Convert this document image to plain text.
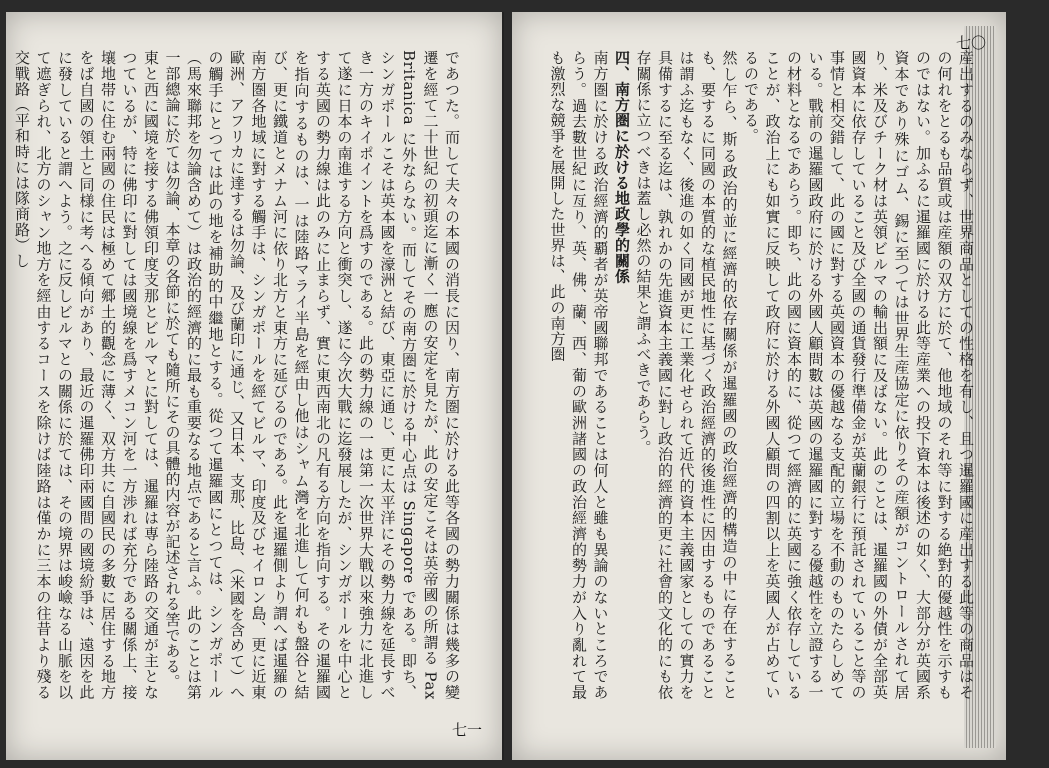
であつた。而して夫々の本國の消長に因り、南方圏に於ける此等各國の勢力關係は幾多の變遷を經て二十世紀の初頭迄に漸く一應の安定を見たが、此の安定こそは英帝國の所謂る Pax Britanica に外ならない。而してその南方圏に於ける中心点は Singapore である。即ち、シンガポールこそは英本國を濠洲と結び、東亞に通じ、更に太平洋にその勢力線を延長すべき一方のキイポイントを爲すのである。此の勢力線の一は第一次世界大戰以來強力に北進して遂に日本の南進する方向と衝突し、遂に今次大戰に迄發展したが、シンガポールを中心とする英國の勢力線は此のみに止まらず、實に東西南北の凡有る方向を指向する。その暹羅國を指向するものは、一は陸路マライ半島を經由し他はシャム灣を北進して何れも盤谷と結び、更に鐵道とメナム河に依り北方と東方に延びるのである。此を暹羅側より謂へば暹羅の南方圏各地域に對する觸手は、シンガポールを經てビルマ、印度及びセイロン島、更に近東歐洲、アフリカに達するは勿論、及び蘭印に通じ、又日本、支那、比島、（米國を含めて）への觸手にとつては此の地を補助的中繼地とする。從つて暹羅國にとつては、シンガポール（馬來聯邦を勿論含めて）は政治的經濟的に最も重要なる地点であると言ふ。此のことは第一部總論に於ては勿論、本章の各節に於ても隨所にその具體的内容が記述される筈である。

東と西に國境を接する佛領印度支那とビルマとに對しては、暹羅は専ら陸路の交通が主となつているが、特に佛印に對しては國境線を爲すメコン河を一方渉れば充分である關係上、接壤地帯に住む兩國の住民は極めて郷土的觀念に薄く、双方共に自國民の多數に居住する地方をば自國の領土と同様に考へる傾向があり、最近の暹羅佛印兩國間の國境紛爭は、遠因を此に發していると謂へよう。之に反しビルマとの關係に於ては、その境界は峻嶮なる山脈を以て遮ぎられ、北方のシャン地方を經由するコースを除けば陸路は僅かに三本の往昔より殘る交戰路（平和時には隊商路）し

七一

産出するのみならず、世界商品としての性格を有し、且つ暹羅國に産出する此等の商品はその何れをとるも品質或は産額の双方に於て、他地域のそれ等に對する絶對的優越性を示すものではない。加ふるに暹羅國に於ける此等産業への投下資本は後述の如く、大部分が英國系資本であり殊にゴム、錫に至つては世界生産協定に依りその産額がコントロールされて居り、米及びチーク材は英領ビルマの輸出額に及ばない。此のことは、暹羅國の外債が全部英國資本に依存していること及び全國の通貨發行準備金が英蘭銀行に預託されていること等の事情と相交錯して、此の國に對する英國資本の優越なる支配的立場を不動のものたらしめている。戰前の暹羅國政府に於ける外國人顧問數は英國の暹羅國に對する優越性を立證する一の材料となるであらう。即ち、此の國に資本的に、從つて經濟的に英國に強く依存していることが、政治上にも如實に反映して政府に於ける外國人顧問の四割以上を英國人が占めているのである。

然し乍ら、斯る政治的並に經濟的依存關係が暹羅國の政治經濟的構造の中に存在することも、要するに同國の本質的な植民地性に基づく政治經濟的後進性に因由するものであることは謂ふ迄もなく、後進の如く同國が更に工業化せられて近代的資本主義國家としての實力を具備するに至る迄は、孰れかの先進資本主義國に對し政治的經濟的更に社會的文化的にも依存關係に立つべきは蓋し必然の結果と謂ふべきであらう。

四、南方圏に於ける地政學的關係

南方圏に於ける政治經濟的覇者が英帝國聯邦であることは何人と雖も異論のないところであらう。過去數世紀に亙り、英、佛、蘭、西、葡の歐洲諸國の政治經濟的勢力が入り亂れて最も激烈な競爭を展開した世界は、此の南方圏

七〇
